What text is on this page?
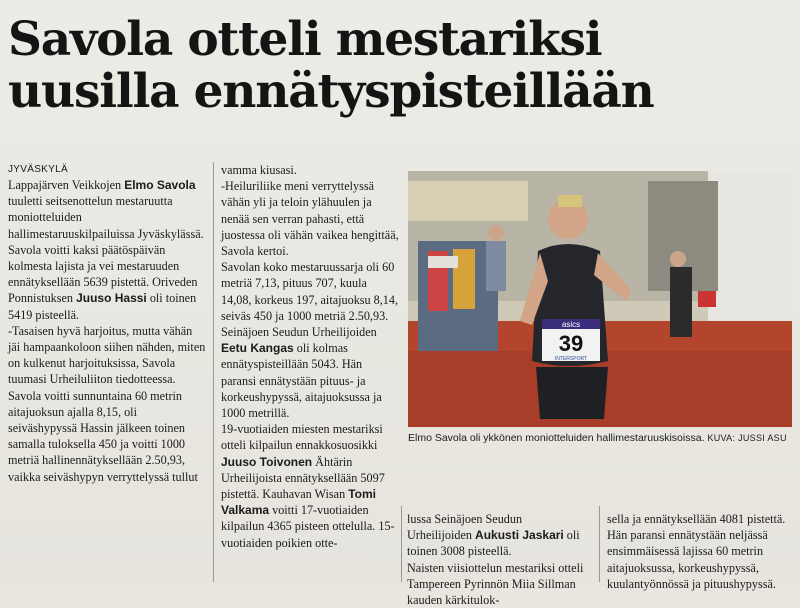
Savola otteli mestariksi
uusilla ennätyspisteillään

JYVÄSKYLÄ

Lappajärven Veikkojen Elmo Savola tuuletti seitsenottelun mestaruutta moniotteluiden hallimestaruuskilpailuissa Jyväskylässä.

Savola voitti kaksi päätöspäivän kolmesta lajista ja vei mestaruuden ennätyksellään 5639 pistettä. Oriveden Ponnistuksen Juuso Hassi oli toinen 5419 pisteellä.

-Tasaisen hyvä harjoitus, mutta vähän jäi hampaankoloon siihen nähden, miten on kulkenut harjoituksissa, Savola tuumasi Urheiluliiton tiedotteessa.

Savola voitti sunnuntaina 60 metrin aitajuoksun ajalla 8,15, oli seiväshypyssä Hassin jälkeen toinen samalla tuloksella 450 ja voitti 1000 metriä hallinennätyksellään 2.50,93, vaikka seiväshypyn verryttelyssä tullut

vamma kiusasi.

-Heiluriliike meni verryttelyssä vähän yli ja teloin ylähuulen ja nenää sen verran pahasti, että juostessa oli vähän vaikea hengittää, Savola kertoi.

Savolan koko mestaruussarja oli 60 metriä 7,13, pituus 707, kuula 14,08, korkeus 197, aitajuoksu 8,14, seiväs 450 ja 1000 metriä 2.50,93.

Seinäjoen Seudun Urheilijoiden Eetu Kangas oli kolmas ennätyspisteillään 5043. Hän paransi ennätystään pituus- ja korkeushypyssä, aitajuoksussa ja 1000 metrillä.

19-vuotiaiden miesten mestariksi otteli kilpailun ennakkosuosikki Juuso Toivonen Ähtärin Urheilijoista ennätyksellään 5097 pistettä. Kauhavan Wisan Tomi Valkama voitti 17-vuotiaiden kilpailun 4365 pisteen ottelulla. 15-vuotiaiden poikien otte-

asics
39
INTERSPORT
Elmo Savola oli ykkönen moniotteluiden hallimestaruuskisoissa. KUVA: JUSSI ASU

lussa Seinäjoen Seudun Urheilijoiden Aukusti Jaskari oli toinen 3008 pisteellä.

Naisten viisiottelun mestariksi otteli Tampereen Pyrinnön Miia Sillman kauden kärkitulok-

sella ja ennätyksellään 4081 pistettä. Hän paransi ennätystään neljässä ensimmäisessä lajissa 60 metrin aitajuoksussa, korkeushypyssä, kuulantyönnössä ja pituushypyssä.
